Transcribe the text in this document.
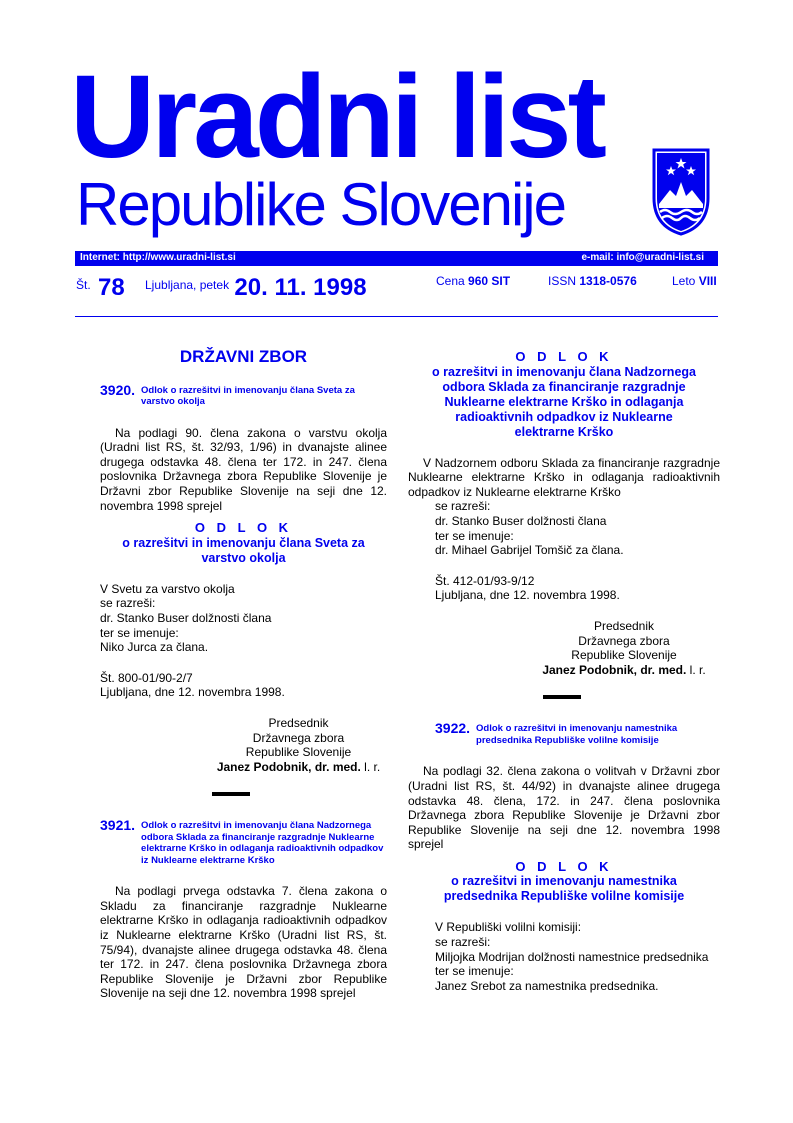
Uradni list
Republike Slovenije
Internet: http://www.uradni-list.si	e-mail: info@uradni-list.si
Št. 78 Ljubljana, petek 20. 11. 1998	Cena 960 SIT	ISSN 1318-0576	Leto VIII
DRŽAVNI ZBOR
3920. Odlok o razrešitvi in imenovanju člana Sveta za varstvo okolja

Na podlagi 90. člena zakona o varstvu okolja (Uradni list RS, št. 32/93, 1/96) in dvanajste alinee drugega odstavka 48. člena ter 172. in 247. člena poslovnika Državnega zbora Republike Slovenije je Državni zbor Republike Slovenije na seji dne 12. novembra 1998 sprejel

O D L O K
o razrešitvi in imenovanju člana Sveta za varstvo okolja
V Svetu za varstvo okolja
se razreši:
dr. Stanko Buser dolžnosti člana
ter se imenuje:
Niko Jurca za člana.
Št. 800-01/90-2/7
Ljubljana, dne 12. novembra 1998.
Predsednik
Državnega zbora
Republike Slovenije
Janez Podobnik, dr. med. l. r.
3921. Odlok o razrešitvi in imenovanju člana Nadzornega odbora Sklada za financiranje razgradnje Nuklearne elektrarne Krško in odlaganja radioaktivnih odpadkov iz Nuklearne elektrarne Krško

Na podlagi prvega odstavka 7. člena zakona o Skladu za financiranje razgradnje Nuklearne elektrarne Krško in odlaganja radioaktivnih odpadkov iz Nuklearne elektrarne Krško (Uradni list RS, št. 75/94), dvanajste alinee drugega odstavka 48. člena ter 172. in 247. člena poslovnika Državnega zbora Republike Slovenije je Državni zbor Republike Slovenije na seji dne 12. novembra 1998 sprejel

O D L O K
o razrešitvi in imenovanju člana Nadzornega odbora Sklada za financiranje razgradnje Nuklearne elektrarne Krško in odlaganja radioaktivnih odpadkov iz Nuklearne elektrarne Krško

V Nadzornem odboru Sklada za financiranje razgradnje Nuklearne elektrarne Krško in odlaganja radioaktivnih odpadkov iz Nuklearne elektrarne Krško

se razreši:
dr. Stanko Buser dolžnosti člana
ter se imenuje:
dr. Mihael Gabrijel Tomšič za člana.
Št. 412-01/93-9/12
Ljubljana, dne 12. novembra 1998.
Predsednik
Državnega zbora
Republike Slovenije
Janez Podobnik, dr. med. l. r.
3922. Odlok o razrešitvi in imenovanju namestnika predsednika Republiške volilne komisije

Na podlagi 32. člena zakona o volitvah v Državni zbor (Uradni list RS, št. 44/92) in dvanajste alinee drugega odstavka 48. člena, 172. in 247. člena poslovnika Državnega zbora Republike Slovenije je Državni zbor Republike Slovenije na seji dne 12. novembra 1998 sprejel

O D L O K
o razrešitvi in imenovanju namestnika predsednika Republiške volilne komisije
V Republiški volilni komisiji:
se razreši:
Miljojka Modrijan dolžnosti namestnice predsednika
ter se imenuje:
Janez Srebot za namestnika predsednika.
